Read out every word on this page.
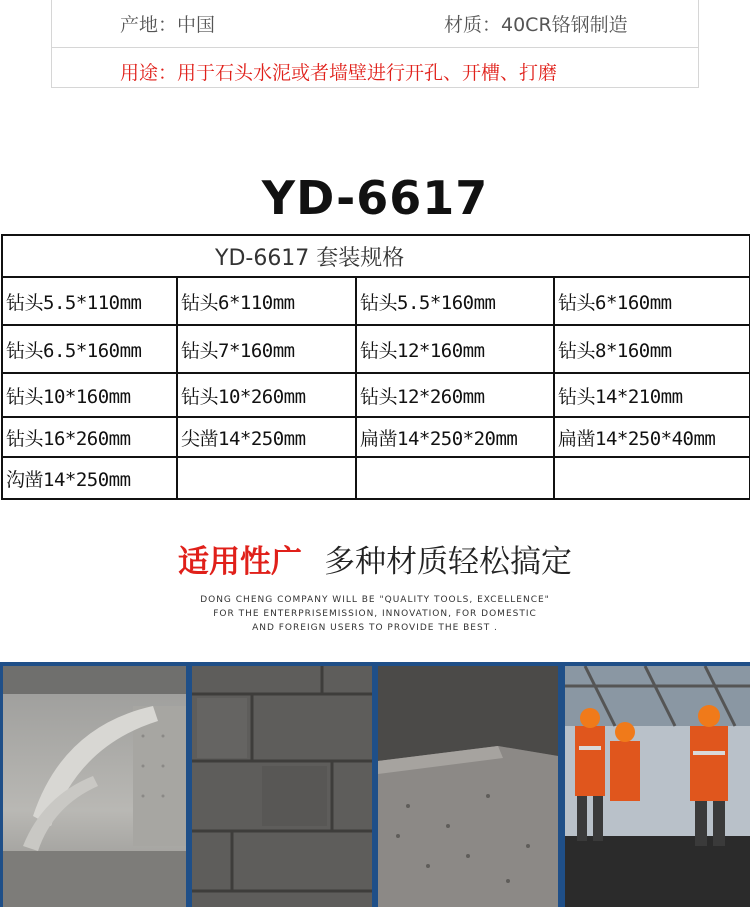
产地：中国	材质：40CR铬钢制造
用途：用于石头水泥或者墙壁进行开孔、开槽、打磨
YD-6617
YD-6617 套装规格			
钻头5.5*110mm	钻头6*110mm	钻头5.5*160mm	钻头6*160mm
钻头6.5*160mm	钻头7*160mm	钻头12*160mm	钻头8*160mm
钻头10*160mm	钻头10*260mm	钻头12*260mm	钻头14*210mm
钻头16*260mm	尖凿14*250mm	扁凿14*250*20mm	扁凿14*250*40mm
沟凿14*250mm			
适用性广 多种材质轻松搞定
DONG CHENG COMPANY WILL BE "QUALITY TOOLS, EXCELLENCE"
FOR THE ENTERPRISEMISSION, INNOVATION, FOR DOMESTIC
AND FOREIGN USERS TO PROVIDE THE BEST .
